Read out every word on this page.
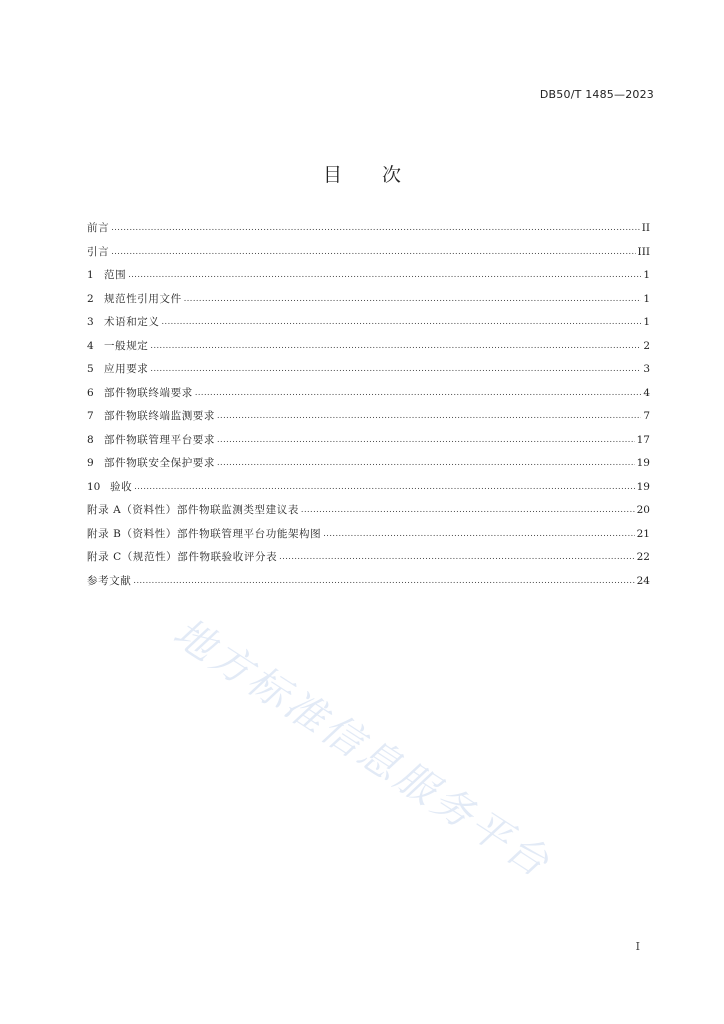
DB50/T 1485—2023
目 次
前言 .....	II
引言 .....	III
1 范围 .....	1
2 规范性引用文件 .....	1
3 术语和定义 .....	1
4 一般规定 .....	2
5 应用要求 .....	3
6 部件物联终端要求 .....	4
7 部件物联终端监测要求 .....	7
8 部件物联管理平台要求 .....	17
9 部件物联安全保护要求 .....	19
10 验收 .....	19
附录 A（资料性）部件物联监测类型建议表 .....	20
附录 B（资料性）部件物联管理平台功能架构图 .....	21
附录 C（规范性）部件物联验收评分表 .....	22
参考文献 .....	24
地方标准信息服务平台
I
